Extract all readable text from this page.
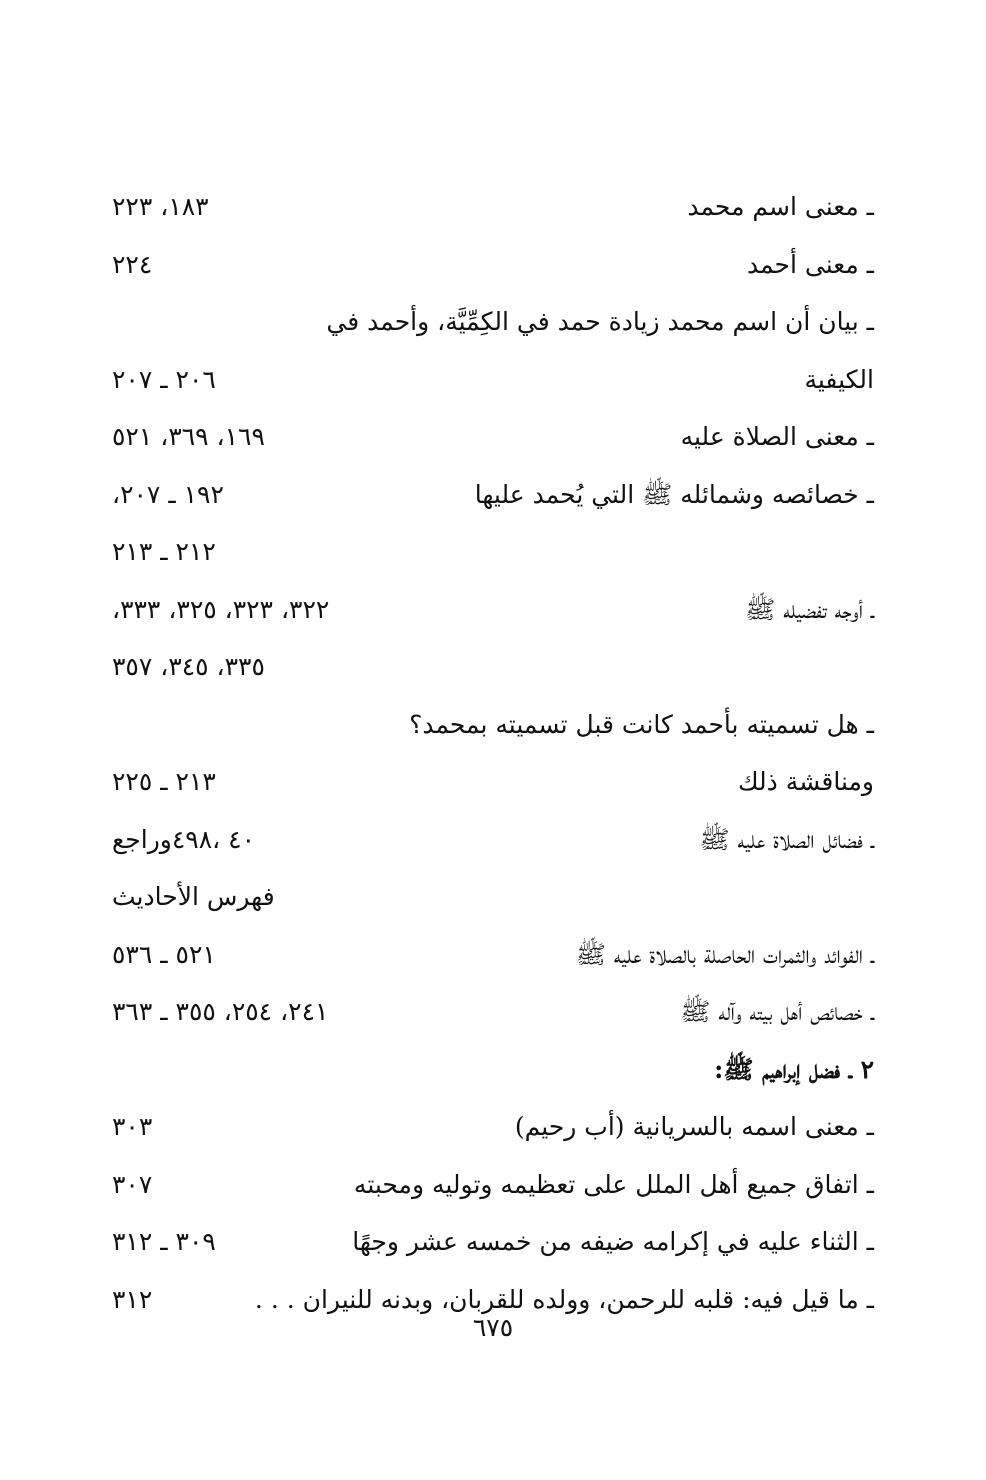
ـ معنى اسم محمد
١٨٣، ٢٢٣
ـ معنى أحمد
٢٢٤
ـ بيان أن اسم محمد زيادة حمد في الكِمِّيَّة، وأحمد في
الكيفية
٢٠٦ ـ ٢٠٧
ـ معنى الصلاة عليه
١٦٩، ٣٦٩، ٥٢١
ـ خصائصه وشمائله ﷺ التي يُحمد عليها
١٩٢ ـ ٢٠٧،
٢١٢ ـ ٢١٣
ـ أوجه تفضيله ﷺ
٣٢٢، ٣٢٣، ٣٢٥، ٣٣٣،
٣٣٥، ٣٤٥، ٣٥٧
ـ هل تسميته بأحمد كانت قبل تسميته بمحمد؟
ومناقشة ذلك
٢١٣ ـ ٢٢٥
ـ فضائل الصلاة عليه ﷺ
٤٠ ،٤٩٨وراجع
فهرس الأحاديث
ـ الفوائد والثمرات الحاصلة بالصلاة عليه ﷺ
٥٢١ ـ ٥٣٦
ـ خصائص أهل بيته وآله ﷺ
٢٤١، ٢٥٤، ٣٥٥ ـ ٣٦٣
٢ ـ فضل إبراهيم ﷺ:
ـ معنى اسمه بالسريانية (أب رحيم)
٣٠٣
ـ اتفاق جميع أهل الملل على تعظيمه وتوليه ومحبته
٣٠٧
ـ الثناء عليه في إكرامه ضيفه من خمسه عشر وجهًا
٣٠٩ ـ ٣١٢
ـ ما قيل فيه: قلبه للرحمن، وولده للقربان، وبدنه للنيران . . .
٣١٢
٦٧٥
